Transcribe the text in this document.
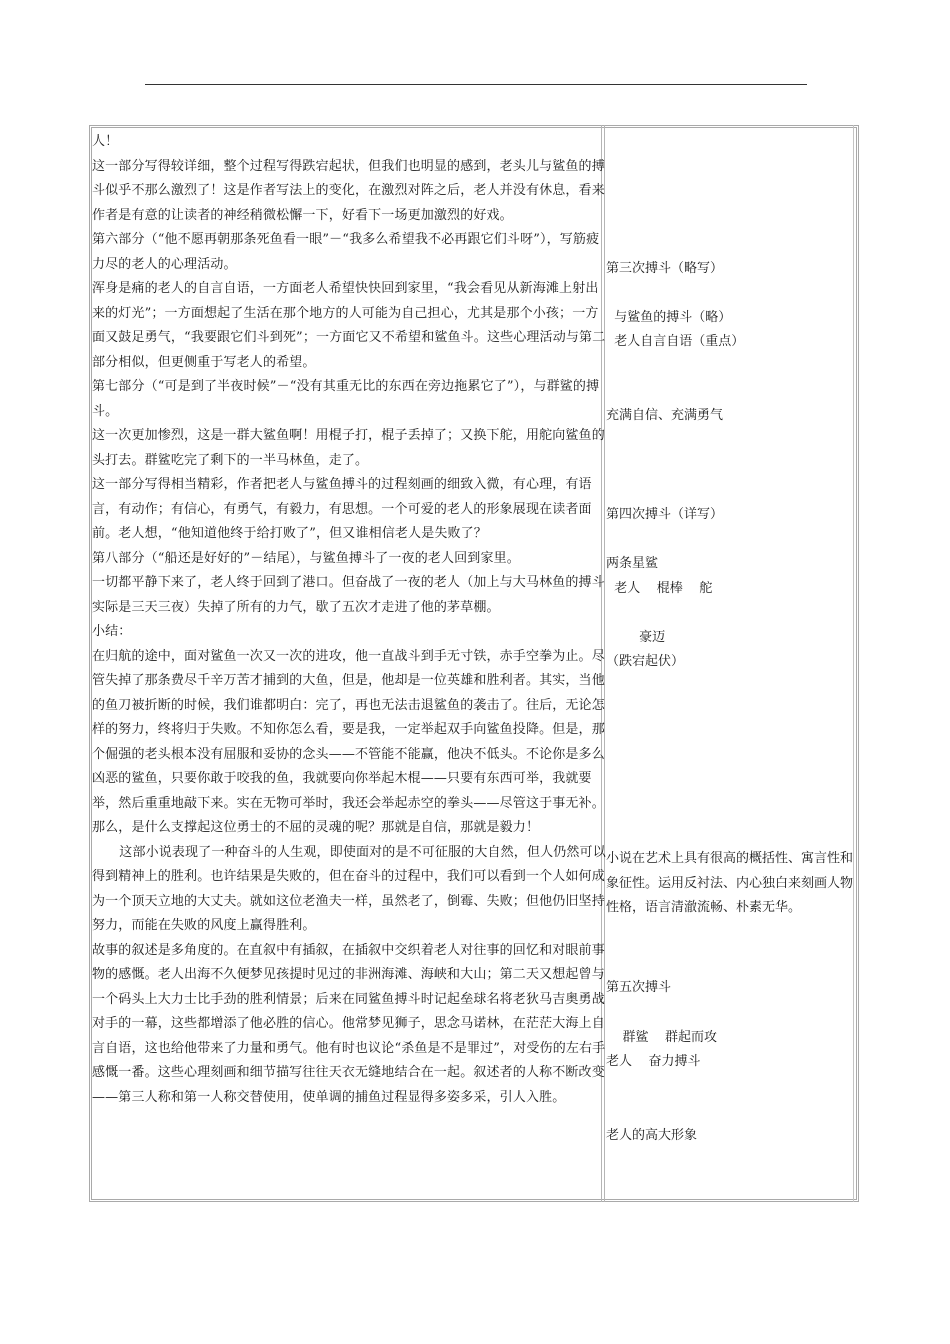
人！

这一部分写得较详细，整个过程写得跌宕起状，但我们也明显的感到，老头儿与鲨鱼的搏斗似乎不那么激烈了！这是作者写法上的变化，在激烈对阵之后，老人并没有休息，看来作者是有意的让读者的神经稍微松懈一下，好看下一场更加激烈的好戏。

第六部分（“他不愿再朝那条死鱼看一眼”－“我多么希望我不必再跟它们斗呀”），写筋疲力尽的老人的心理活动。

浑身是痛的老人的自言自语，一方面老人希望快快回到家里，“我会看见从新海滩上射出来的灯光”；一方面想起了生活在那个地方的人可能为自己担心，尤其是那个小孩；一方面又鼓足勇气，“我要跟它们斗到死”；一方面它又不希望和鲨鱼斗。这些心理活动与第二部分相似，但更侧重于写老人的希望。

第七部分（“可是到了半夜时候”－“没有其重无比的东西在旁边拖累它了”），与群鲨的搏斗。

这一次更加惨烈，这是一群大鲨鱼啊！用棍子打，棍子丢掉了；又换下舵，用舵向鲨鱼的头打去。群鲨吃完了剩下的一半马林鱼，走了。

这一部分写得相当精彩，作者把老人与鲨鱼搏斗的过程刻画的细致入微，有心理，有语言，有动作；有信心，有勇气，有毅力，有思想。一个可爱的老人的形象展现在读者面前。老人想，“他知道他终于给打败了”，但又谁相信老人是失败了？

第八部分（“船还是好好的”－结尾），与鲨鱼搏斗了一夜的老人回到家里。

一切都平静下来了，老人终于回到了港口。但奋战了一夜的老人（加上与大马林鱼的搏斗实际是三天三夜）失掉了所有的力气，歇了五次才走进了他的茅草棚。

小结：

在归航的途中，面对鲨鱼一次又一次的进攻，他一直战斗到手无寸铁，赤手空拳为止。尽管失掉了那条费尽千辛万苦才捕到的大鱼，但是，他却是一位英雄和胜利者。其实，当他的鱼刀被折断的时候，我们谁都明白：完了，再也无法击退鲨鱼的袭击了。往后，无论怎样的努力，终将归于失败。不知你怎么看，要是我，一定举起双手向鲨鱼投降。但是，那个倔强的老头根本没有屈服和妥协的念头——不管能不能赢，他决不低头。不论你是多么凶恶的鲨鱼，只要你敢于咬我的鱼，我就要向你举起木棍——只要有东西可举，我就要举，然后重重地敲下来。实在无物可举时，我还会举起赤空的拳头——尽管这于事无补。那么，是什么支撑起这位勇士的不屈的灵魂的呢？那就是自信，那就是毅力！

这部小说表现了一种奋斗的人生观，即使面对的是不可征服的大自然，但人仍然可以得到精神上的胜利。也许结果是失败的，但在奋斗的过程中，我们可以看到一个人如何成为一个顶天立地的大丈夫。就如这位老渔夫一样，虽然老了，倒霉、失败；但他仍旧坚持努力，而能在失败的风度上赢得胜利。

故事的叙述是多角度的。在直叙中有插叙，在插叙中交织着老人对往事的回忆和对眼前事物的感慨。老人出海不久便梦见孩提时见过的非洲海滩、海峡和大山；第二天又想起曾与一个码头上大力士比手劲的胜利情景；后来在同鲨鱼搏斗时记起垒球名将老狄马吉奥勇战对手的一幕，这些都增添了他必胜的信心。他常梦见狮子，思念马诺林，在茫茫大海上自言自语，这也给他带来了力量和勇气。他有时也议论“杀鱼是不是罪过”，对受伤的左右手感慨一番。这些心理刻画和细节描写往往天衣无缝地结合在一起。叙述者的人称不断改变——第三人称和第一人称交替使用，使单调的捕鱼过程显得多姿多采，引人入胜。

第三次搏斗（略写）

与鲨鱼的搏斗（略）

老人自言自语（重点）

充满自信、充满勇气

第四次搏斗（详写）

两条星鲨

老人    棍棒    舵

豪迈

（跌宕起伏）

小说在艺术上具有很高的概括性、寓言性和象征性。运用反衬法、内心独白来刻画人物性格，语言清澈流畅、朴素无华。

第五次搏斗

群鲨    群起而攻

老人    奋力搏斗

老人的高大形象
